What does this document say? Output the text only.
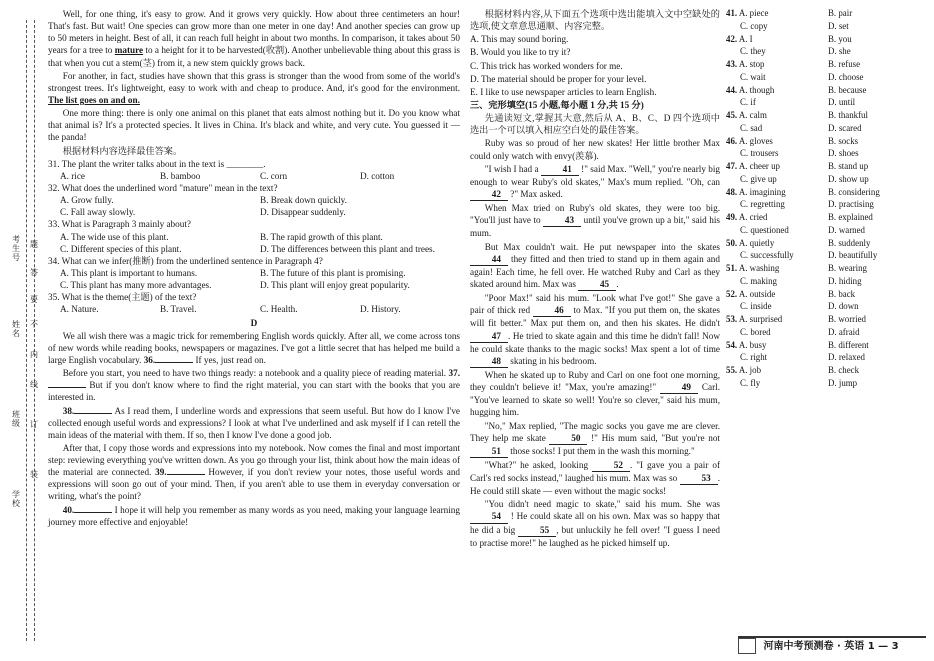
学校
班级
姓名
考生号
装
订
线
内
不
要
答
题

Well, for one thing, it's easy to grow. And it grows very quickly. How about three centimeters an hour! That's fast. But wait! One species can grow more than one meter in one day! And another species can grow up to 50 meters in height. Best of all, it can reach full height in about two months. In comparison, it takes about 50 years for a tree to mature to a height for it to be harvested(收割). Another unbelievable thing about this grass is that when you cut a stem(茎) from it, a new stem quickly grows back.

For another, in fact, studies have shown that this grass is stronger than the wood from some of the world's strongest trees. It's lightweight, easy to work with and cheap to produce. And, it's good for the environment. The list goes on and on.

One more thing: there is only one animal on this planet that eats almost nothing but it. Do you know what that animal is? It's a protected species. It lives in China. It's black and white, and very cute. You guessed it — the panda!

根据材料内容选择最佳答案。

31. The plant the writer talks about in the text is ________.

A. rice	B. bamboo	C. corn	D. cotton

32. What does the underlined word "mature" mean in the text?

A. Grow fully.	B. Break down quickly.
C. Fall away slowly.	D. Disappear suddenly.

33. What is Paragraph 3 mainly about?

A. The wide use of this plant.	B. The rapid growth of this plant.
C. Different species of this plant.	D. The differences between this plant and trees.

34. What can we infer(推断) from the underlined sentence in Paragraph 4?

A. This plant is important to humans.	B. The future of this plant is promising.
C. This plant has many more advantages.	D. This plant will enjoy great popularity.

35. What is the theme(主题) of the text?

A. Nature.	B. Travel.	C. Health.	D. History.
D

We all wish there was a magic trick for remembering English words quickly. After all, we come across tons of new words while reading books, newspapers or magazines. I've got a little secret that has helped me build a large English vocabulary. 36.	If yes, just read on.

Before you start, you need to have two things ready: a notebook and a quality piece of reading material. 37. But if you don't know where to find the right material, you can start with the books that you are interested in.

38.	As I read them, I underline words and expressions that seem useful. But how do I know I've collected enough useful words and expressions? I look at what I've underlined and ask myself if I can retell the main ideas of the material with them. If so, then I know I've done a good job.

After that, I copy those words and expressions into my notebook. Now comes the final and most important step: reviewing everything you've written down. As you go through your list, think about how the main ideas of the material are connected. 39.	However, if you don't review your notes, those useful words and expressions will soon go out of your mind. Then, if you aren't able to use them in everyday conversation or writing, what's the point?

40.	I hope it will help you remember as many words as you need, making your language learning journey more effective and enjoyable!

根据材料内容,从下面五个选项中选出能填入文中空缺处的选项,使文章意思通顺、内容完整。

A. This may sound boring.

B. Would you like to try it?

C. This trick has worked wonders for me.

D. The material should be proper for your level.

E. I like to use newspaper articles to learn English.

三、完形填空(15 小题,每小题 1 分,共 15 分)

先通读短文,掌握其大意,然后从 A、B、C、D 四个选项中选出一个可以填入相应空白处的最佳答案。

Ruby was so proud of her new skates! Her little brother Max could only watch with envy(羡慕).

"I wish I had a 41 !" said Max. "Well," you're nearly big enough to wear Ruby's old skates," Max's mum replied. "Oh, can 42 ?" Max asked.

When Max tried on Ruby's old skates, they were too big. "You'll just have to 43 until you've grown up a bit," said his mum.

But Max couldn't wait. He put newspaper into the skates 44 they fitted and then tried to stand up in them again and again! Each time, he fell over. He watched Ruby and Carl as they skated around him. Max was 45 .

"Poor Max!" said his mum. "Look what I've got!" She gave a pair of thick red 46 to Max. "If you put them on, the skates will fit better." Max put them on, and then his skates. He didn't 47 . He tried to skate again and this time he didn't fall! Now he could skate thanks to the magic socks! Max spent a lot of time 48 skating in his bedroom.

When he skated up to Ruby and Carl on one foot one morning, they couldn't believe it! "Max, you're amazing!" 49 Carl. "You've learned to skate so well! You're so clever," said his mum, hugging him.

"No," Max replied, "The magic socks you gave me are clever. They help me skate 50 !" His mum said, "But you're not 51 those socks! I put them in the wash this morning."

"What?" he asked, looking 52 . "I gave you a pair of Carl's red socks instead," laughed his mum. Max was so 53 . He could still skate — even without the magic socks!

"You didn't need magic to skate," said his mum. She was 54 ! He could skate all on his own. Max was so happy that he did a big 55 , but unluckily he fell over! "I guess I need to practise more!" he laughed as he picked himself up.

41. A. piece	B. pair
C. copy	D. set
42. A. I	B. you
C. they	D. she
43. A. stop	B. refuse
C. wait	D. choose
44. A. though	B. because
C. if	D. until
45. A. calm	B. thankful
C. sad	D. scared
46. A. gloves	B. socks
C. trousers	D. shoes
47. A. cheer up	B. stand up
C. give up	D. show up
48. A. imagining	B. considering
C. regretting	D. practising
49. A. cried	B. explained
C. questioned	D. warned
50. A. quietly	B. suddenly
C. successfully	D. beautifully
51. A. washing	B. wearing
C. making	D. hiding
52. A. outside	B. back
C. inside	D. down
53. A. surprised	B. worried
C. bored	D. afraid
54. A. busy	B. different
C. right	D. relaxed
55. A. job	B. check
C. fly	D. jump
河南中考预测卷 · 英语 1 — 3
